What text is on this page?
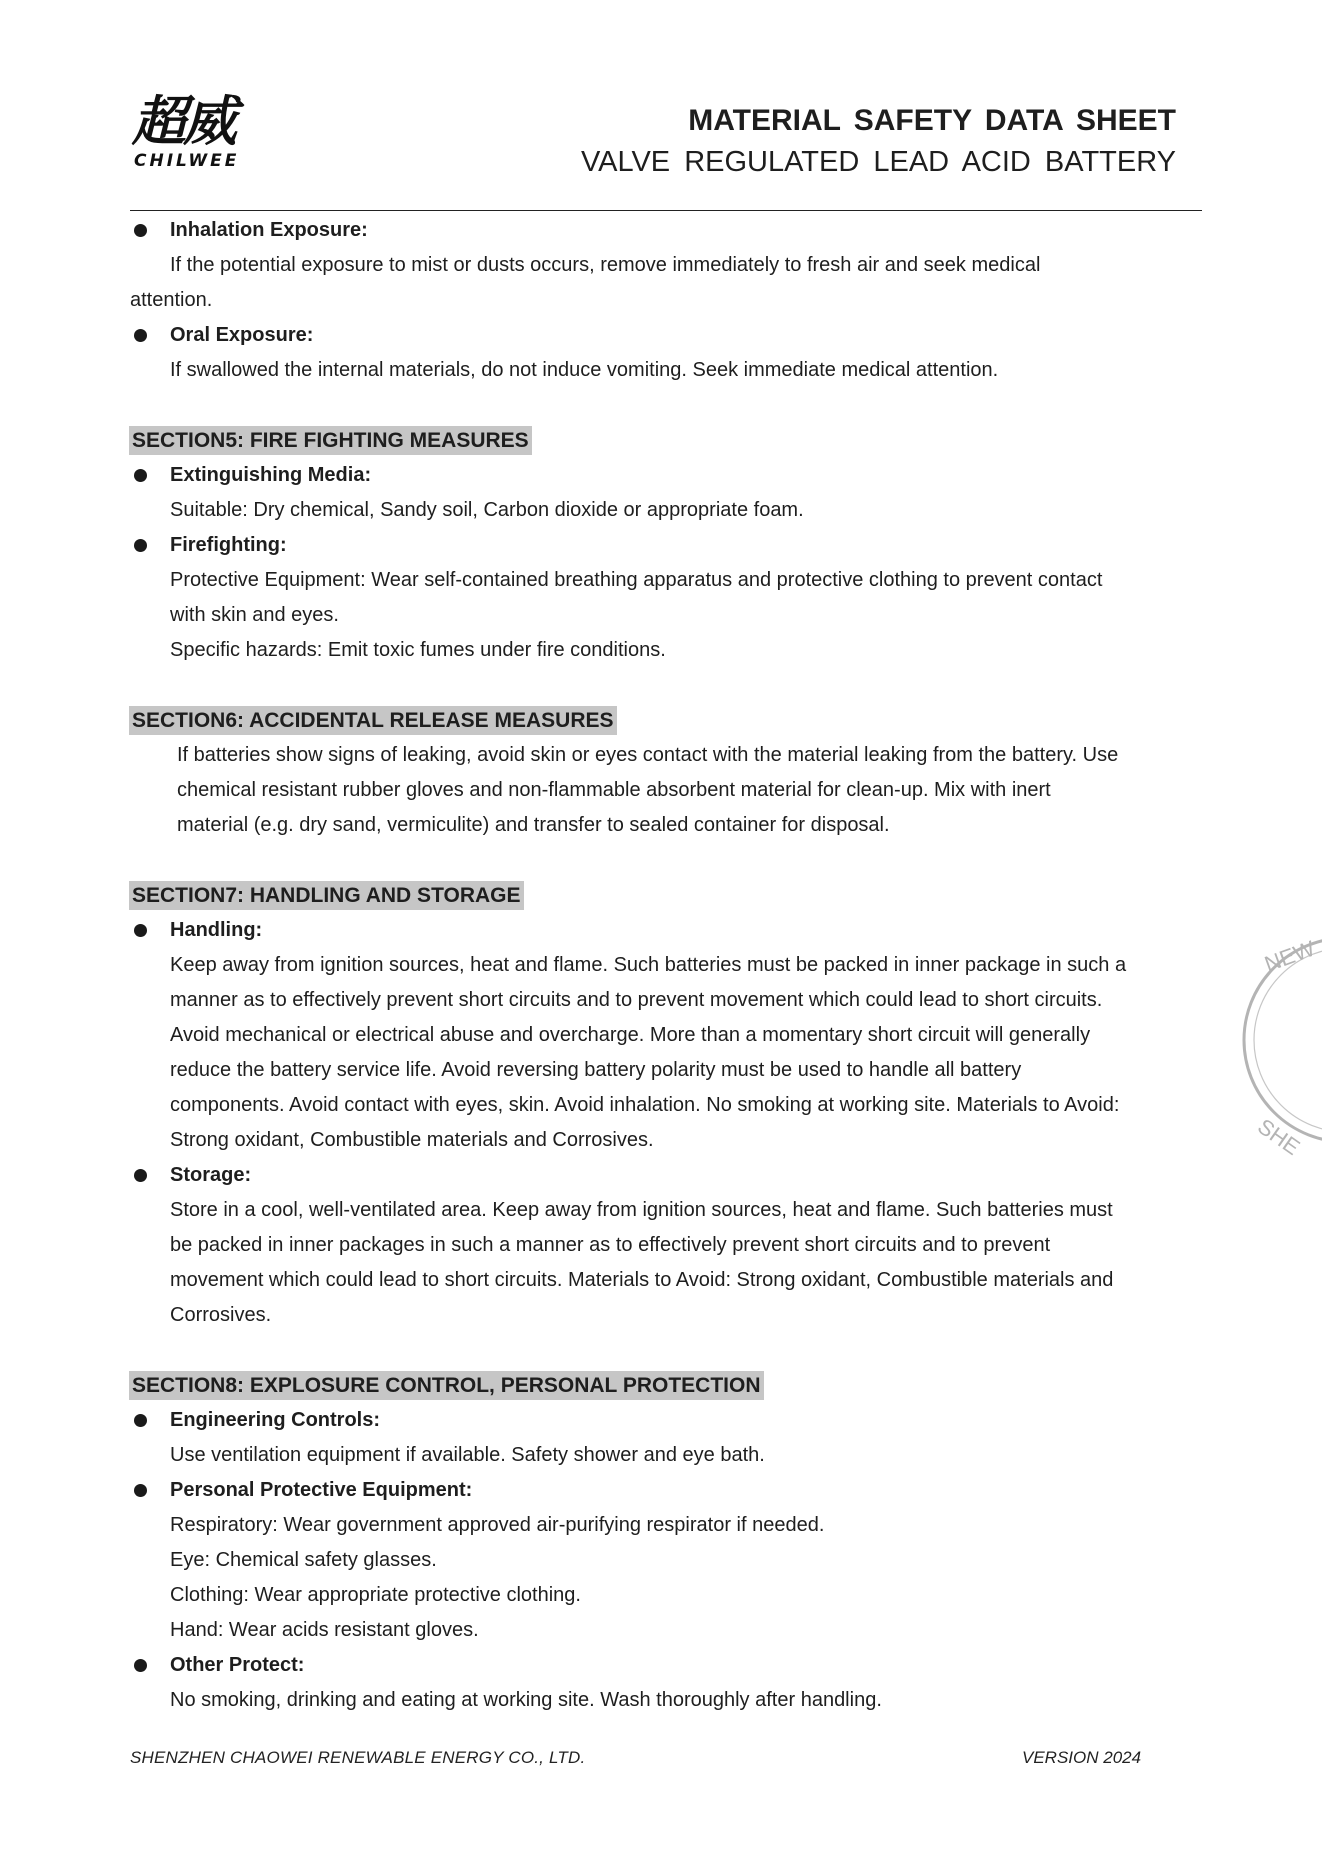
超威
CHILWEE
MATERIAL SAFETY DATA SHEET
VALVE REGULATED LEAD ACID BATTERY
Inhalation Exposure:
If the potential exposure to mist or dusts occurs, remove immediately to fresh air and seek medical
attention.
Oral Exposure:
If swallowed the internal materials, do not induce vomiting. Seek immediate medical attention.
SECTION5: FIRE FIGHTING MEASURES
Extinguishing Media:
Suitable: Dry chemical, Sandy soil, Carbon dioxide or appropriate foam.
Firefighting:
Protective Equipment: Wear self-contained breathing apparatus and protective clothing to prevent contact
with skin and eyes.
Specific hazards: Emit toxic fumes under fire conditions.
SECTION6: ACCIDENTAL RELEASE MEASURES
If batteries show signs of leaking, avoid skin or eyes contact with the material leaking from the battery. Use
chemical resistant rubber gloves and non-flammable absorbent material for clean-up. Mix with inert
material (e.g. dry sand, vermiculite) and transfer to sealed container for disposal.
SECTION7: HANDLING AND STORAGE
Handling:
Keep away from ignition sources, heat and flame. Such batteries must be packed in inner package in such a
manner as to effectively prevent short circuits and to prevent movement which could lead to short circuits.
Avoid mechanical or electrical abuse and overcharge. More than a momentary short circuit will generally
reduce the battery service life. Avoid reversing battery polarity must be used to handle all battery
components. Avoid contact with eyes, skin. Avoid inhalation. No smoking at working site. Materials to Avoid:
Strong oxidant, Combustible materials and Corrosives.
Storage:
Store in a cool, well-ventilated area. Keep away from ignition sources, heat and flame. Such batteries must
be packed in inner packages in such a manner as to effectively prevent short circuits and to prevent
movement which could lead to short circuits. Materials to Avoid: Strong oxidant, Combustible materials and
Corrosives.
SECTION8: EXPLOSURE CONTROL, PERSONAL PROTECTION
Engineering Controls:
Use ventilation equipment if available. Safety shower and eye bath.
Personal Protective Equipment:
Respiratory: Wear government approved air-purifying respirator if needed.
Eye: Chemical safety glasses.
Clothing: Wear appropriate protective clothing.
Hand: Wear acids resistant gloves.
Other Protect:
No smoking, drinking and eating at working site. Wash thoroughly after handling.
SHENZHEN CHAOWEI RENEWABLE ENERGY CO., LTD.	VERSION 2024
NEW
SHE
